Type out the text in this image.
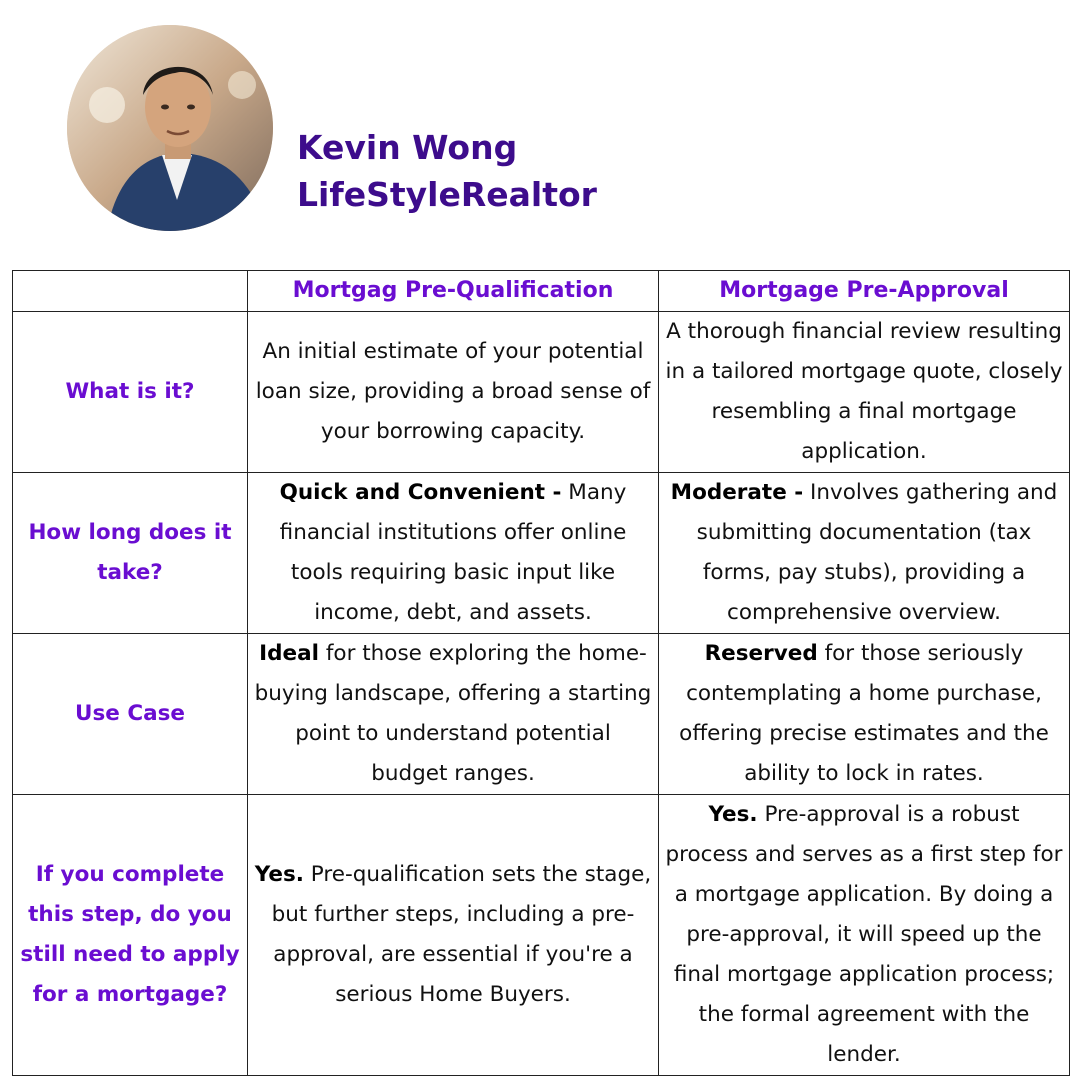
Kevin Wong
LifeStyleRealtor
	Mortgag Pre-Qualification	Mortgage Pre-Approval
What is it?	An initial estimate of your potential loan size, providing a broad sense of your borrowing capacity.	A thorough financial review resulting in a tailored mortgage quote, closely resembling a final mortgage application.
How long does it take?	Quick and Convenient - Many financial institutions offer online tools requiring basic input like income, debt, and assets.	Moderate - Involves gathering and submitting documentation (tax forms, pay stubs), providing a comprehensive overview.
Use Case	Ideal for those exploring the home-buying landscape, offering a starting point to understand potential budget ranges.	Reserved for those seriously contemplating a home purchase, offering precise estimates and the ability to lock in rates.
If you complete this step, do you still need to apply for a mortgage?	Yes. Pre-qualification sets the stage, but further steps, including a pre-approval, are essential if you're a serious Home Buyers.	Yes. Pre-approval is a robust process and serves as a first step for a mortgage application. By doing a pre-approval, it will speed up the final mortgage application process; the formal agreement with the lender.
